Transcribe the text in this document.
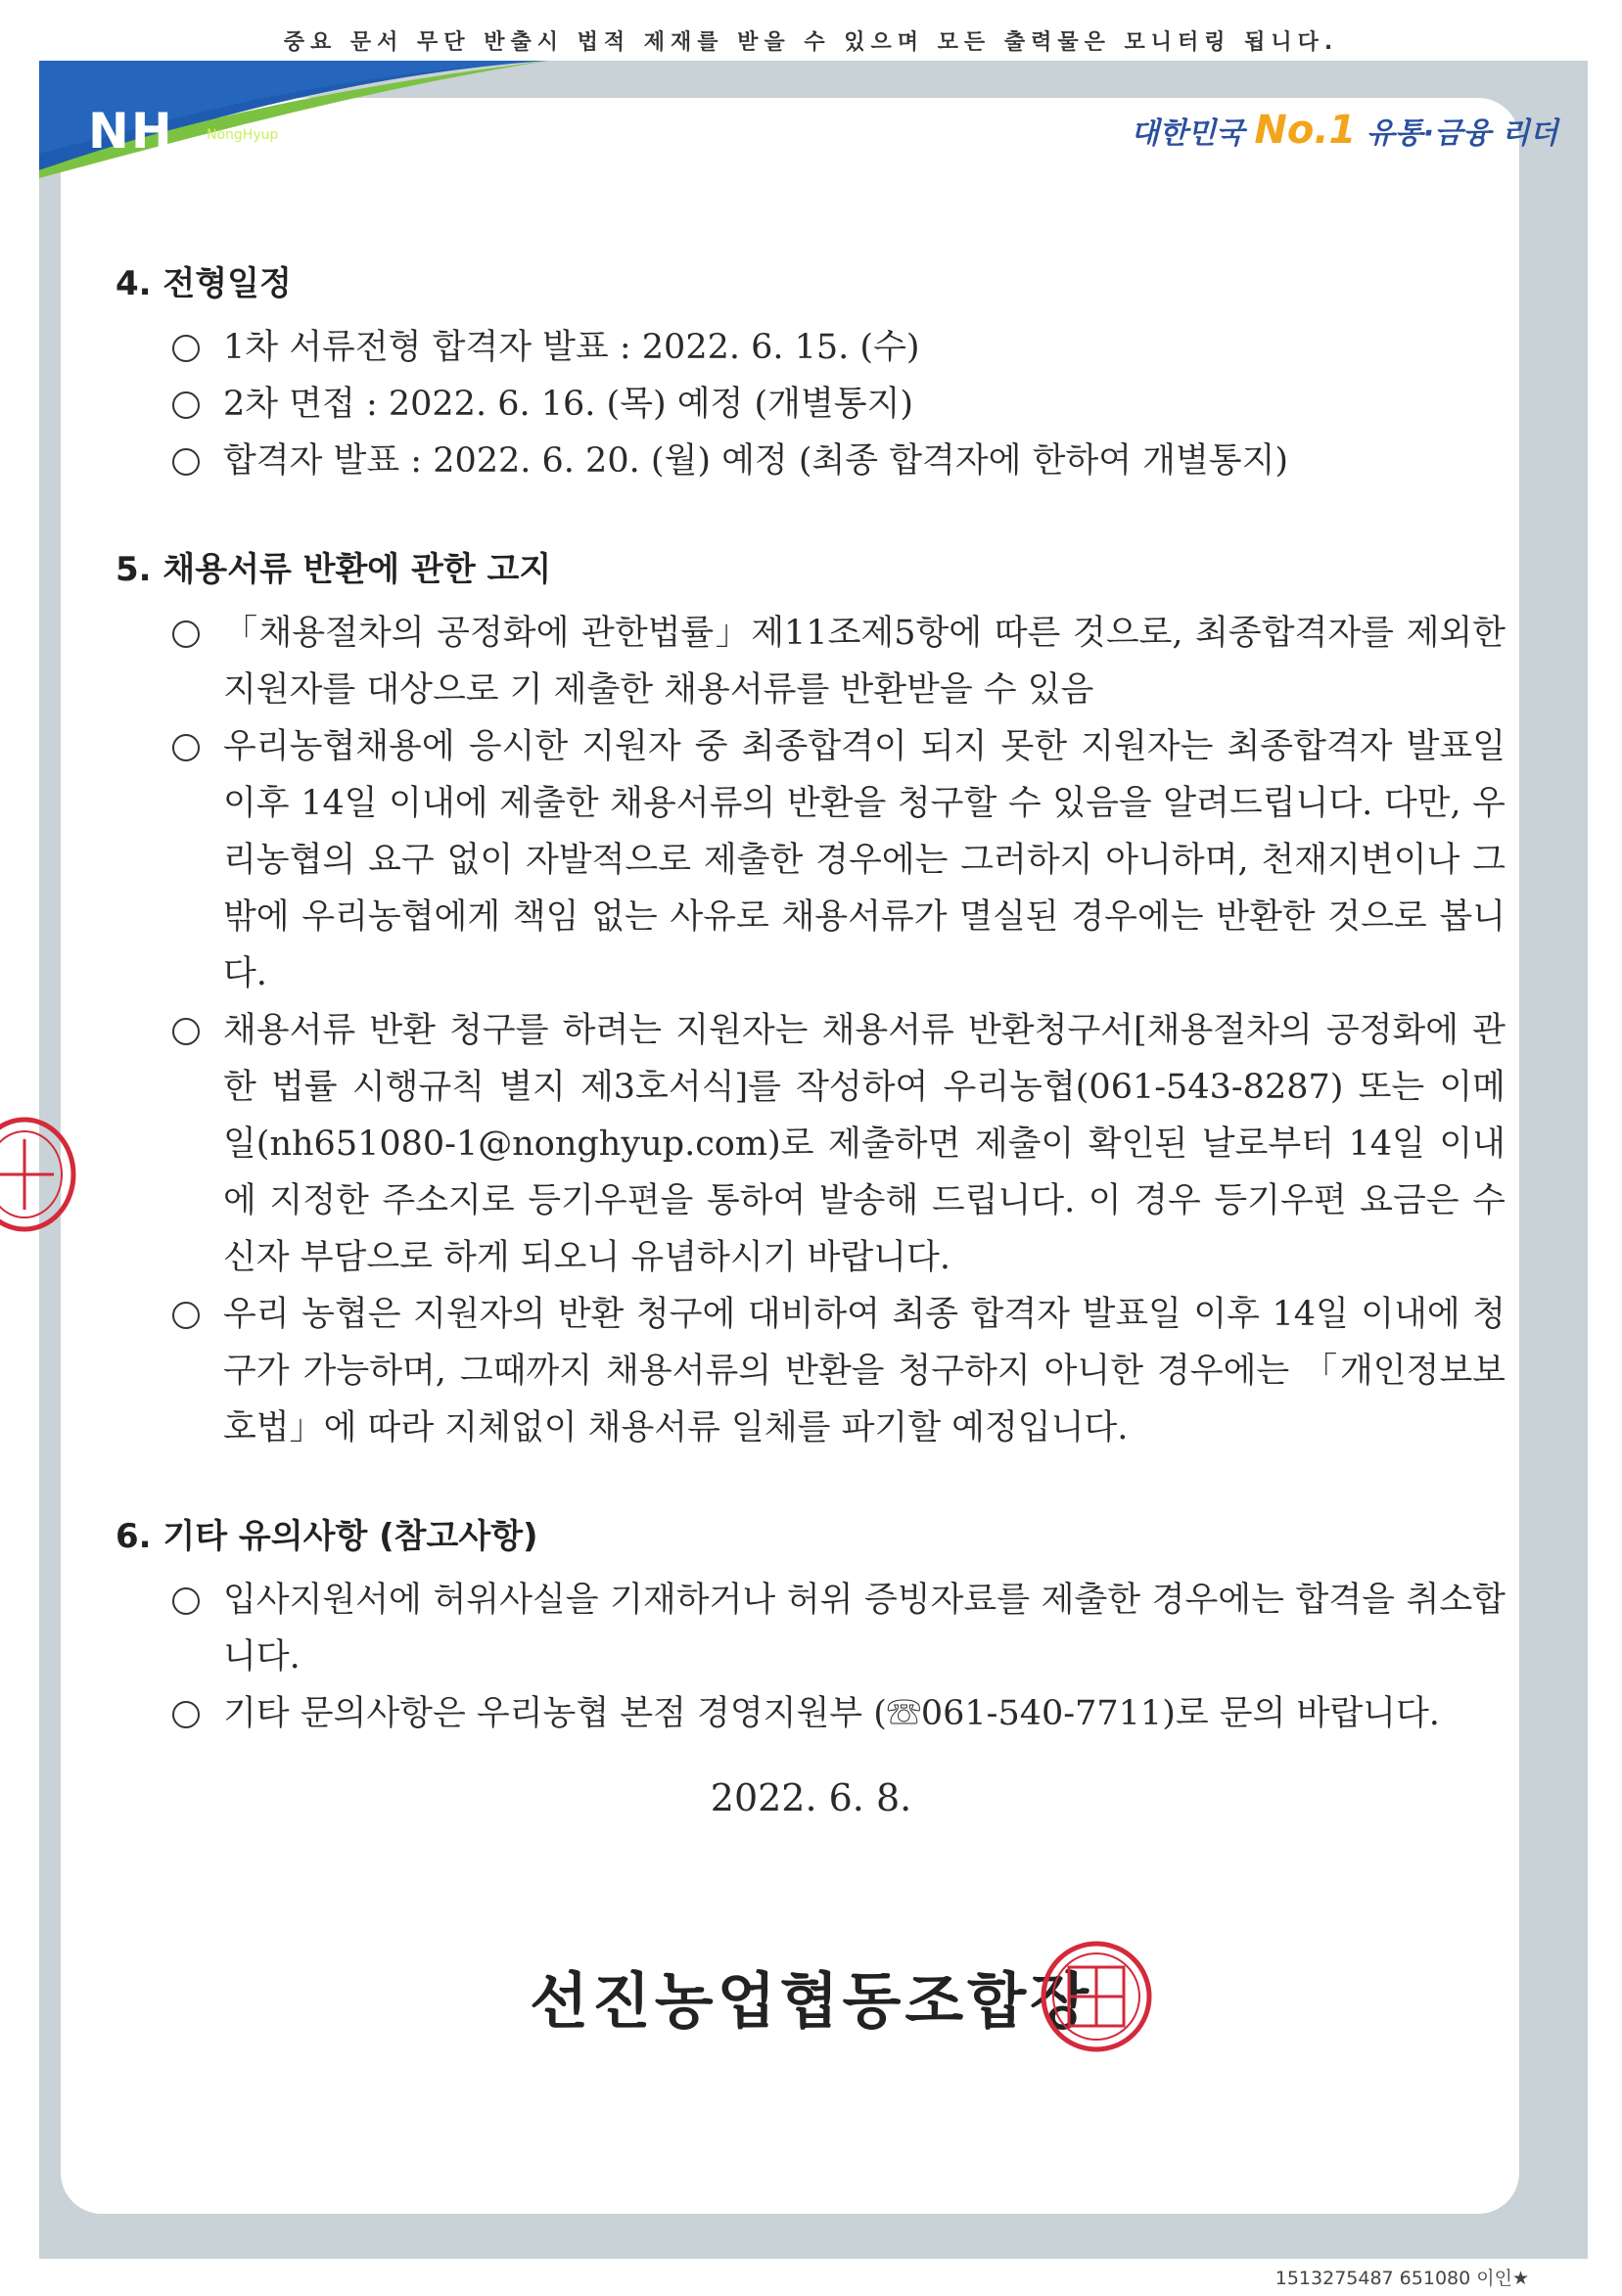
중요 문서 무단 반출시 법적 제재를 받을 수 있으며 모든 출력물은 모니터링 됩니다.
NH NongHyup	대한민국 No.1 유통·금융 리더
4. 전형일정

1차 서류전형 합격자 발표 : 2022. 6. 15. (수)

2차 면접 : 2022. 6. 16. (목) 예정 (개별통지)

합격자 발표 : 2022. 6. 20. (월) 예정 (최종 합격자에 한하여 개별통지)

5. 채용서류 반환에 관한 고지

「채용절차의 공정화에 관한법률」제11조제5항에 따른 것으로, 최종합격자를 제외한 지원자를 대상으로 기 제출한 채용서류를 반환받을 수 있음

우리농협채용에 응시한 지원자 중 최종합격이 되지 못한 지원자는 최종합격자 발표일 이후 14일 이내에 제출한 채용서류의 반환을 청구할 수 있음을 알려드립니다. 다만, 우리농협의 요구 없이 자발적으로 제출한 경우에는 그러하지 아니하며, 천재지변이나 그 밖에 우리농협에게 책임 없는 사유로 채용서류가 멸실된 경우에는 반환한 것으로 봅니다.

채용서류 반환 청구를 하려는 지원자는 채용서류 반환청구서[채용절차의 공정화에 관한 법률 시행규칙 별지 제3호서식]를 작성하여 우리농협(061-543-8287) 또는 이메일(nh651080-1@nonghyup.com)로 제출하면 제출이 확인된 날로부터 14일 이내에 지정한 주소지로 등기우편을 통하여 발송해 드립니다. 이 경우 등기우편 요금은 수신자 부담으로 하게 되오니 유념하시기 바랍니다.

우리 농협은 지원자의 반환 청구에 대비하여 최종 합격자 발표일 이후 14일 이내에 청구가 가능하며, 그때까지 채용서류의 반환을 청구하지 아니한 경우에는 「개인정보보호법」에 따라 지체없이 채용서류 일체를 파기할 예정입니다.

6. 기타 유의사항 (참고사항)

입사지원서에 허위사실을 기재하거나 허위 증빙자료를 제출한 경우에는 합격을 취소합니다.

기타 문의사항은 우리농협 본점 경영지원부 (☏061-540-7711)로 문의 바랍니다.

2022. 6. 8.
선진농업협동조합장
1513275487 651080 이인★
